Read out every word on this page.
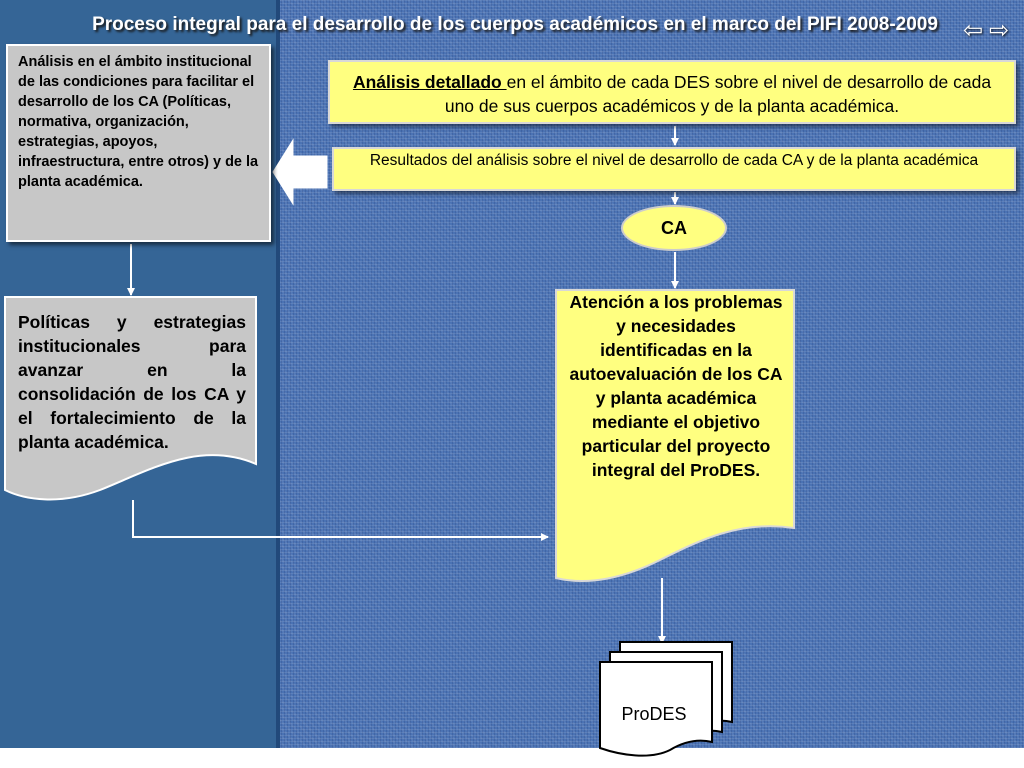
Proceso integral para el desarrollo de los cuerpos académicos en el marco del PIFI 2008-2009	⇦ ⇨
Análisis en el ámbito institucional de las condiciones para facilitar el desarrollo de los CA (Políticas, normativa, organización, estrategias, apoyos, infraestructura, entre otros) y de la planta académica.
Análisis detallado en el ámbito de cada DES sobre el nivel de desarrollo de cada uno de sus cuerpos académicos y de la planta académica.
Resultados del análisis sobre el nivel de desarrollo de cada CA y de la planta académica
CA
Políticas y estrategias institucionales para avanzar en la consolidación de los CA y el fortalecimiento de la planta académica.
Atención a los problemas y necesidades identificadas en la autoevaluación de los CA y planta académica mediante el objetivo particular del proyecto integral del ProDES.
ProDES
